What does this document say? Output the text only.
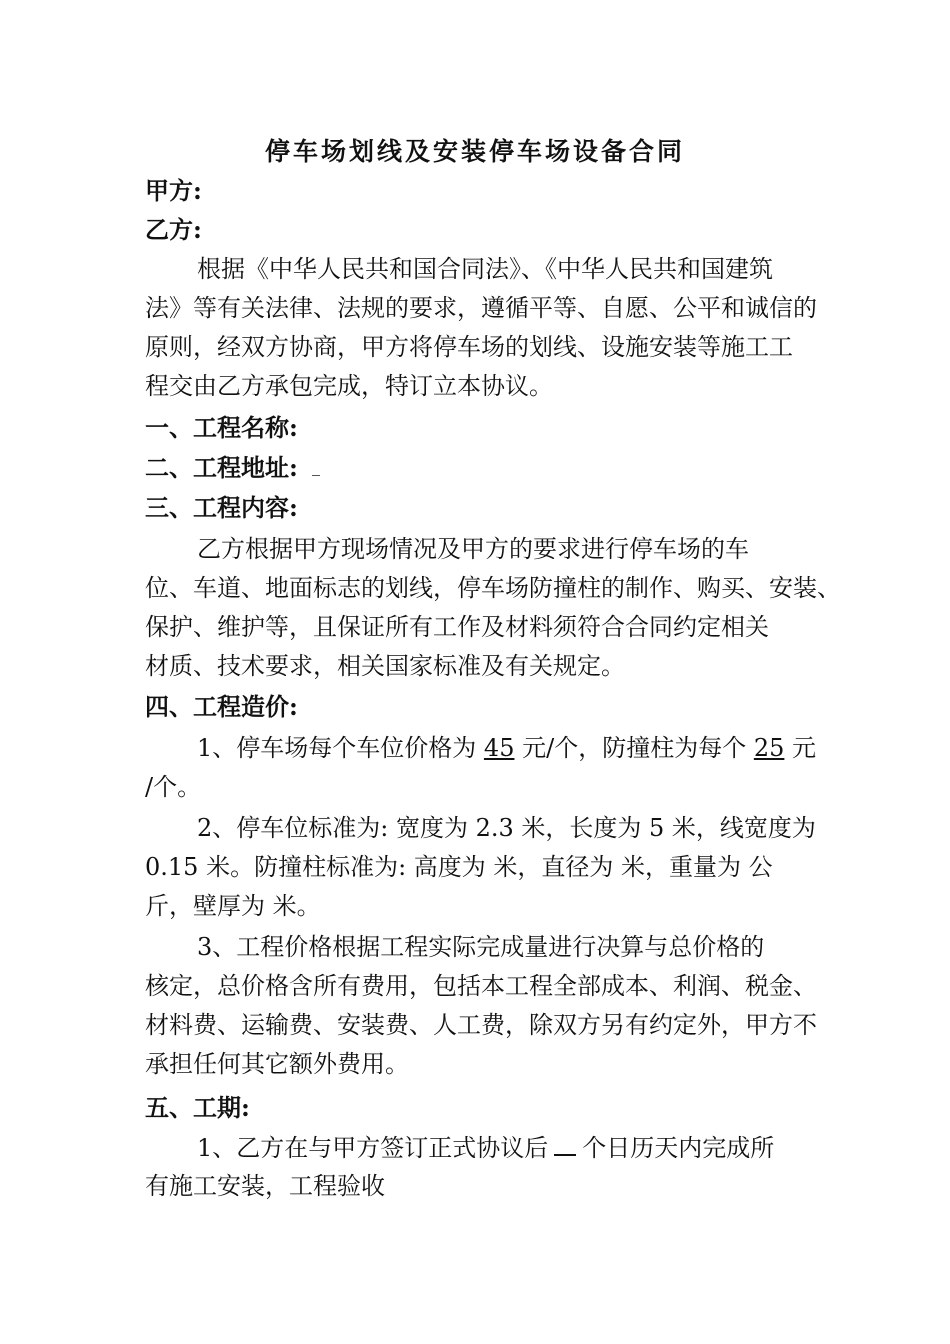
停车场划线及安装停车场设备合同
甲方:
乙方:
根据《中华人民共和国合同法》、《中华人民共和国建筑
法》等有关法律、法规的要求，遵循平等、自愿、公平和诚信的
原则，经双方协商，甲方将停车场的划线、设施安装等施工工
程交由乙方承包完成，特订立本协议。
一、工程名称:
二、工程地址:
三、工程内容:
乙方根据甲方现场情况及甲方的要求进行停车场的车
位、车道、地面标志的划线，停车场防撞柱的制作、购买、安装、
保护、维护等，且保证所有工作及材料须符合合同约定相关
材质、技术要求，相关国家标准及有关规定。
四、工程造价:
1、停车场每个车位价格为 45 元/个，防撞柱为每个 25 元
/个。
2、停车位标准为: 宽度为 2.3 米，长度为 5 米，线宽度为
0.15 米。防撞柱标准为: 高度为 米，直径为 米，重量为 公
斤，壁厚为 米。
3、工程价格根据工程实际完成量进行决算与总价格的
核定，总价格含所有费用，包括本工程全部成本、利润、税金、
材料费、运输费、安装费、人工费，除双方另有约定外，甲方不
承担任何其它额外费用。
五、工期:
1、乙方在与甲方签订正式协议后 个日历天内完成所
有施工安装，工程验收
